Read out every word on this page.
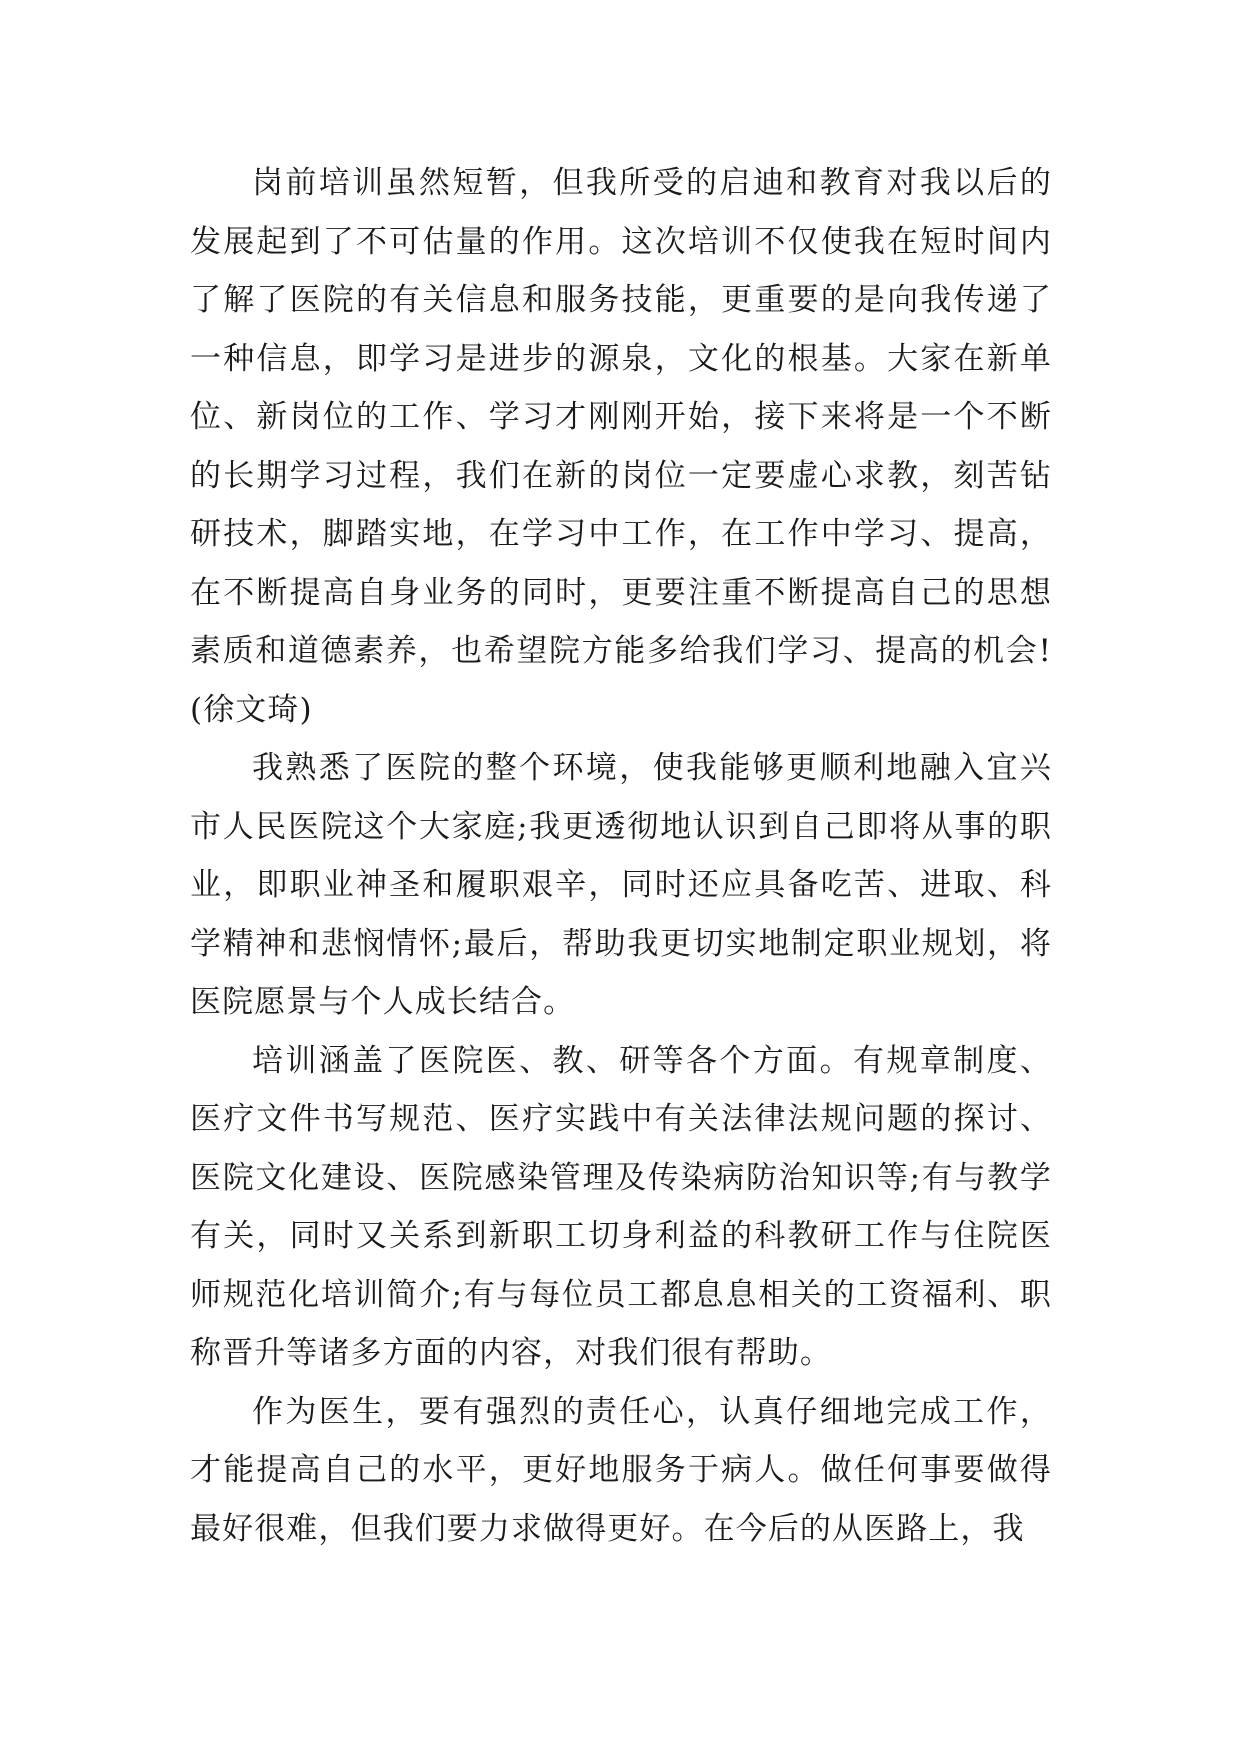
岗前培训虽然短暂，但我所受的启迪和教育对我以后的发展起到了不可估量的作用。这次培训不仅使我在短时间内了解了医院的有关信息和服务技能，更重要的是向我传递了一种信息，即学习是进步的源泉，文化的根基。大家在新单位、新岗位的工作、学习才刚刚开始，接下来将是一个不断的长期学习过程，我们在新的岗位一定要虚心求教，刻苦钻研技术，脚踏实地，在学习中工作，在工作中学习、提高，在不断提高自身业务的同时，更要注重不断提高自己的思想素质和道德素养，也希望院方能多给我们学习、提高的机会!(徐文琦)

我熟悉了医院的整个环境，使我能够更顺利地融入宜兴市人民医院这个大家庭;我更透彻地认识到自己即将从事的职业，即职业神圣和履职艰辛，同时还应具备吃苦、进取、科学精神和悲悯情怀;最后，帮助我更切实地制定职业规划，将医院愿景与个人成长结合。

培训涵盖了医院医、教、研等各个方面。有规章制度、医疗文件书写规范、医疗实践中有关法律法规问题的探讨、医院文化建设、医院感染管理及传染病防治知识等;有与教学有关，同时又关系到新职工切身利益的科教研工作与住院医师规范化培训简介;有与每位员工都息息相关的工资福利、职称晋升等诸多方面的内容，对我们很有帮助。

作为医生，要有强烈的责任心，认真仔细地完成工作，才能提高自己的水平，更好地服务于病人。做任何事要做得最好很难，但我们要力求做得更好。在今后的从医路上，我
